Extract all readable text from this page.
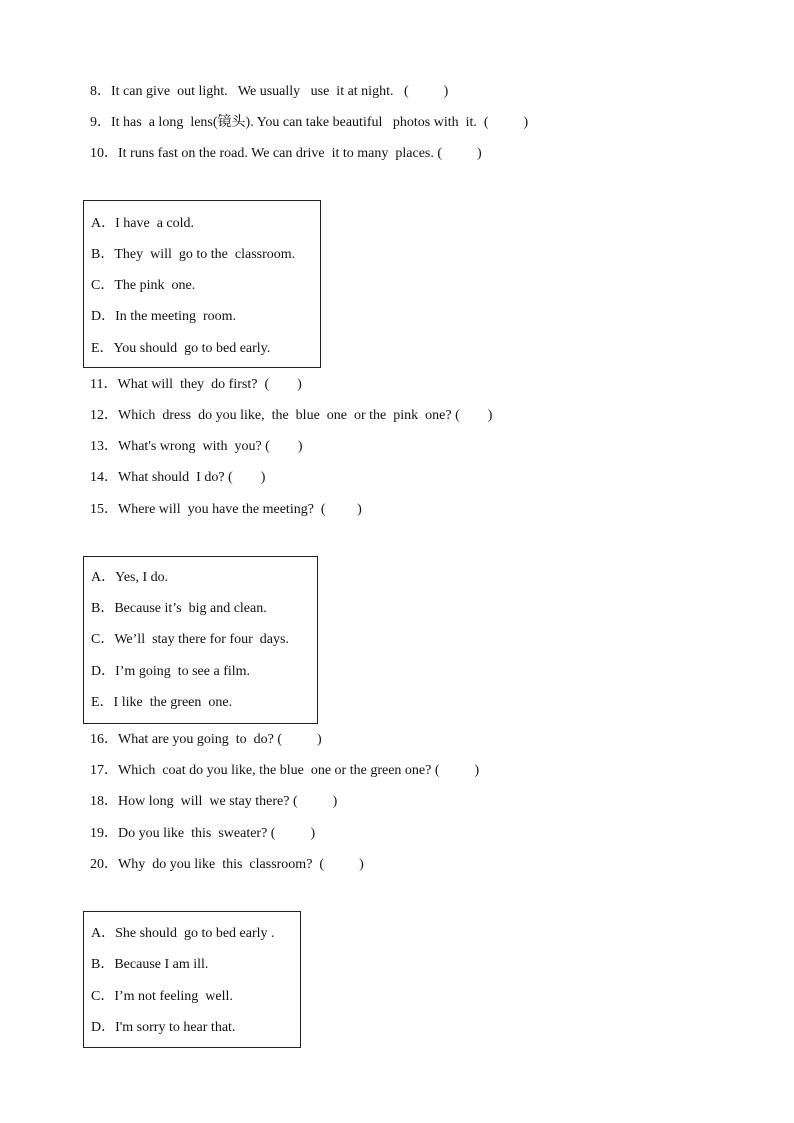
8．It can give  out light.   We usually   use  it at night.   (          )
9．It has  a long  lens(镜头). You can take beautiful   photos with  it.  (          )
10．It runs fast on the road. We can drive  it to many  places. (          )
A．I have  a cold.
B．They  will  go to the  classroom.
C．The pink  one.
D．In the meeting  room.
E．You should  go to bed early.
11．What will  they  do first?  (        )
12．Which  dress  do you like,  the  blue  one  or the  pink  one? (        )
13．What's wrong  with  you? (        )
14．What should  I do? (        )
15．Where will  you have the meeting?  (         )
A．Yes, I do.
B．Because it’s  big and clean.
C．We’ll  stay there for four  days.
D．I’m going  to see a film.
E．I like  the green  one.
16．What are you going  to  do? (          )
17．Which  coat do you like, the blue  one or the green one? (          )
18．How long  will  we stay there? (          )
19．Do you like  this  sweater? (          )
20．Why  do you like  this  classroom?  (          )
A．She should  go to bed early .
B．Because I am ill.
C．I’m not feeling  well.
D．I'm sorry to hear that.
